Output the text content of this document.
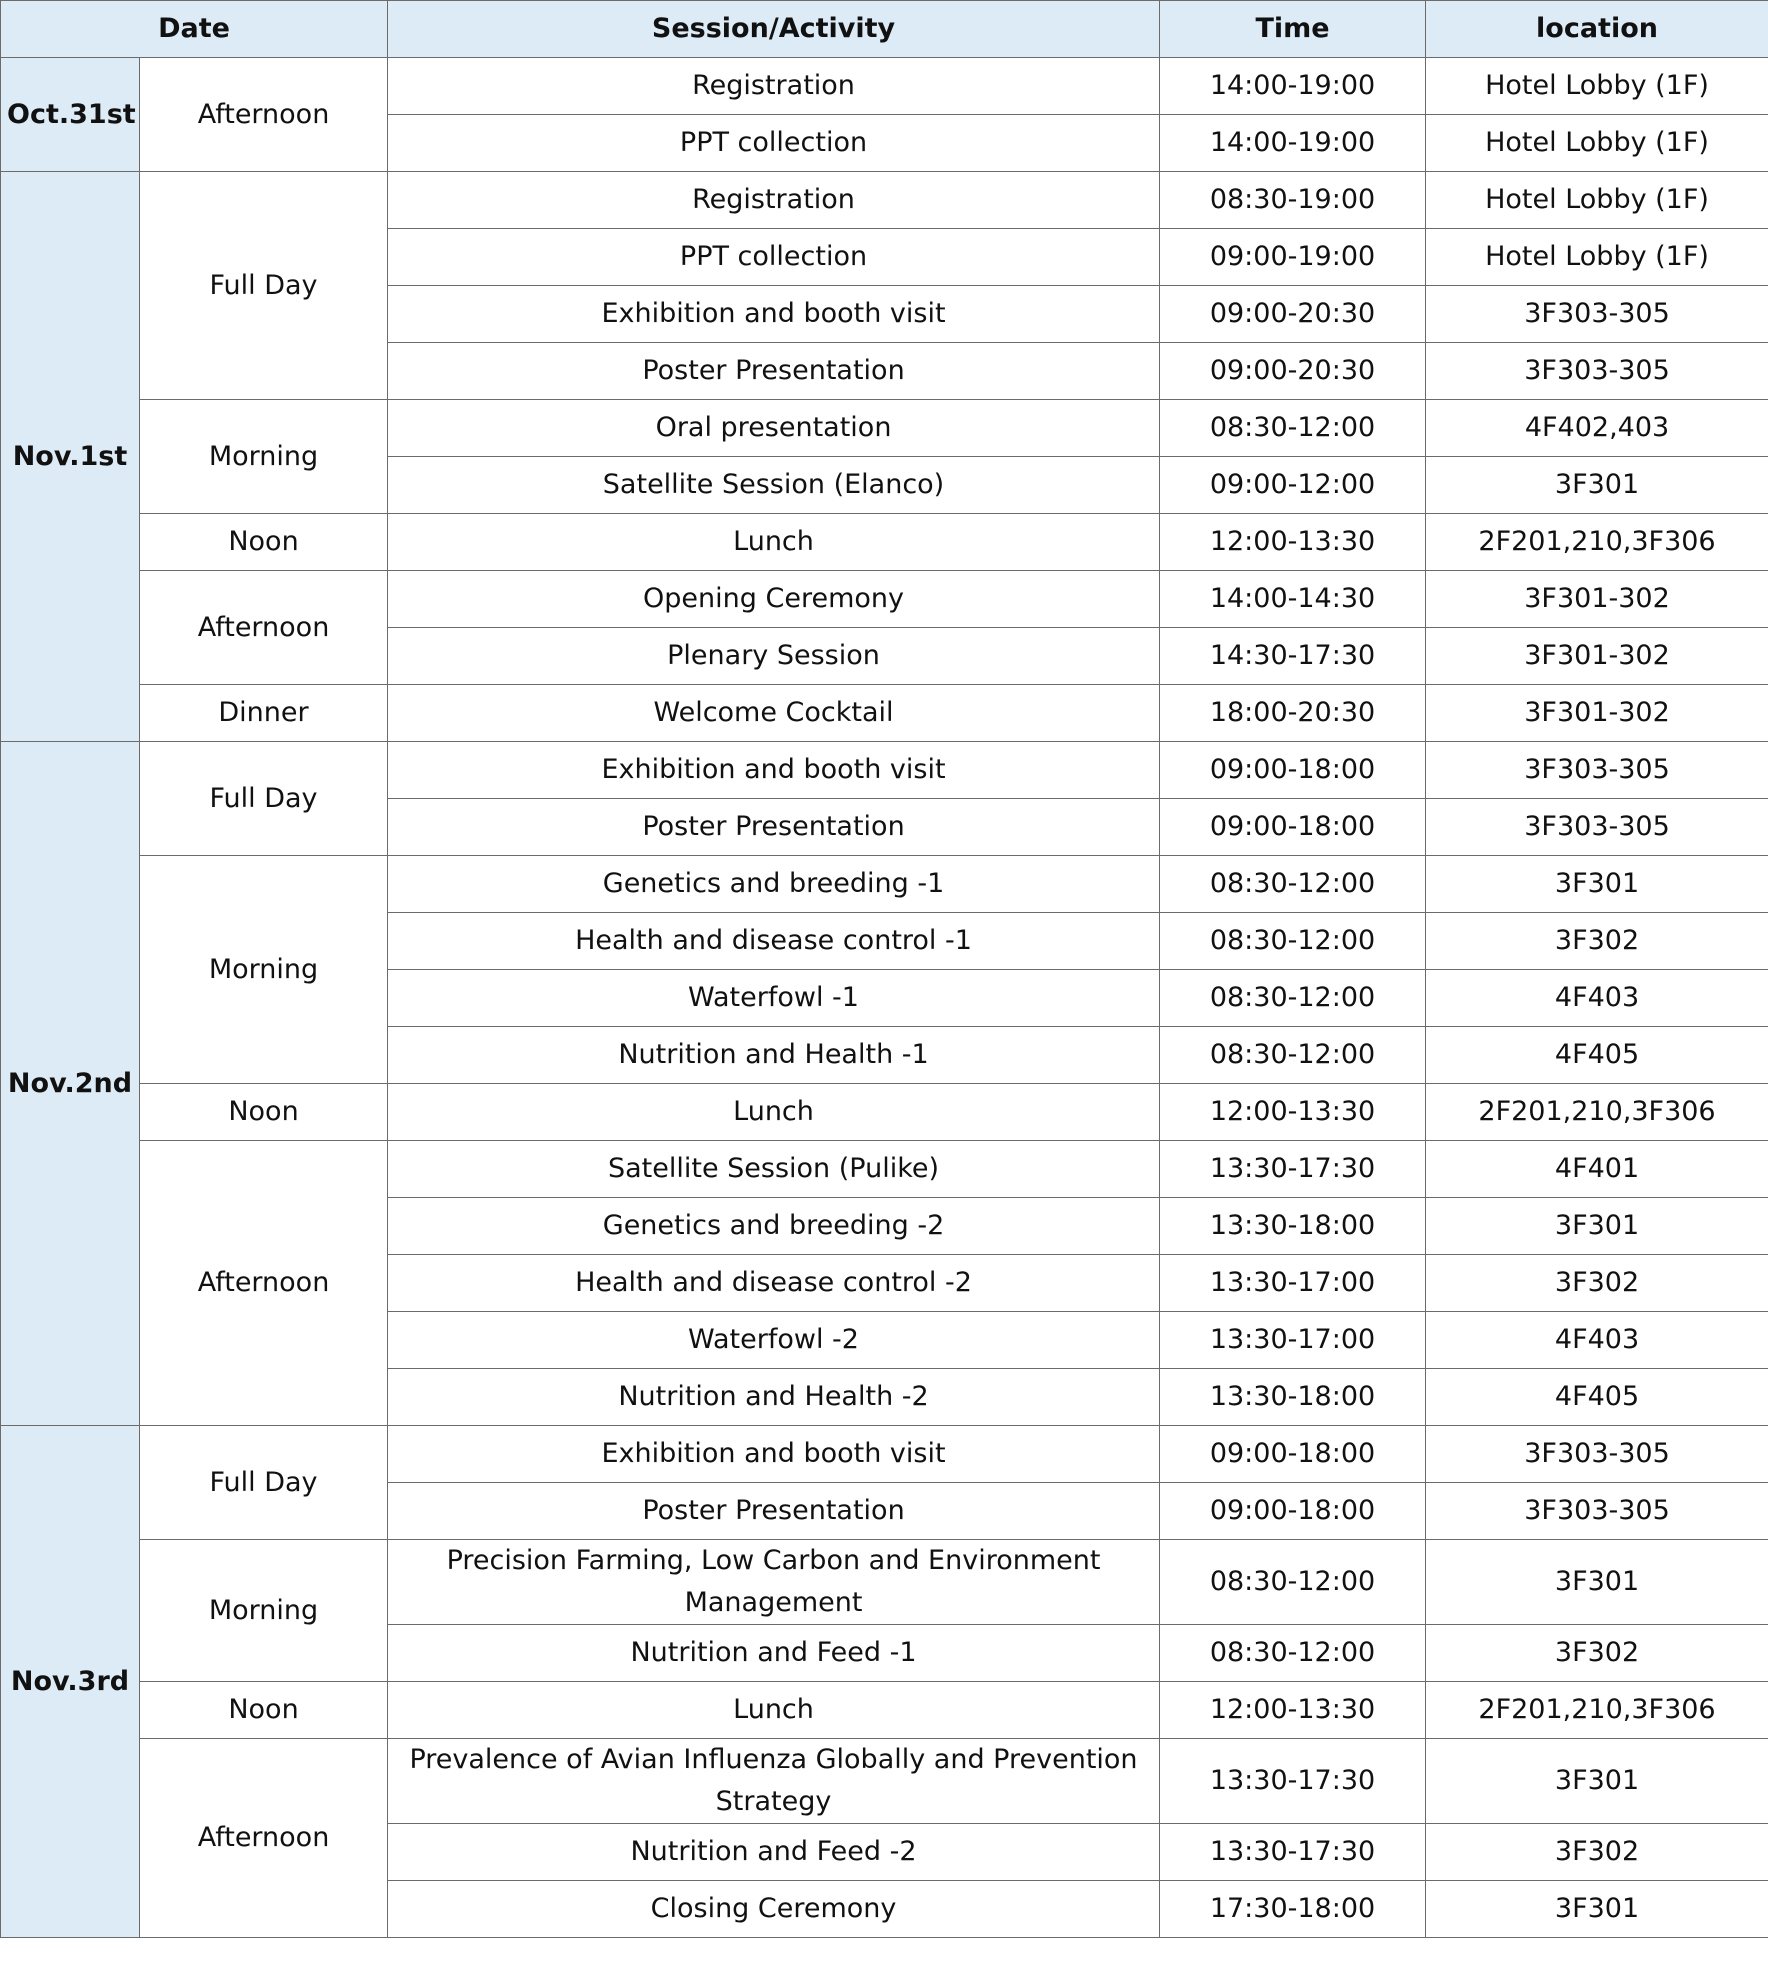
Date		Session/Activity	Time	location
Oct.31st	Afternoon	Registration	14:00-19:00	Hotel Lobby (1F)
		PPT collection	14:00-19:00	Hotel Lobby (1F)
Nov.1st	Full Day	Registration	08:30-19:00	Hotel Lobby (1F)
		PPT collection	09:00-19:00	Hotel Lobby (1F)
		Exhibition and booth visit	09:00-20:30	3F303-305
		Poster Presentation	09:00-20:30	3F303-305
	Morning	Oral presentation	08:30-12:00	4F402,403
		Satellite Session (Elanco)	09:00-12:00	3F301
	Noon	Lunch	12:00-13:30	2F201,210,3F306
	Afternoon	Opening Ceremony	14:00-14:30	3F301-302
		Plenary Session	14:30-17:30	3F301-302
	Dinner	Welcome Cocktail	18:00-20:30	3F301-302
Nov.2nd	Full Day	Exhibition and booth visit	09:00-18:00	3F303-305
		Poster Presentation	09:00-18:00	3F303-305
	Morning	Genetics and breeding -1	08:30-12:00	3F301
		Health and disease control -1	08:30-12:00	3F302
		Waterfowl -1	08:30-12:00	4F403
		Nutrition and Health -1	08:30-12:00	4F405
	Noon	Lunch	12:00-13:30	2F201,210,3F306
	Afternoon	Satellite Session (Pulike)	13:30-17:30	4F401
		Genetics and breeding -2	13:30-18:00	3F301
		Health and disease control -2	13:30-17:00	3F302
		Waterfowl -2	13:30-17:00	4F403
		Nutrition and Health -2	13:30-18:00	4F405
Nov.3rd	Full Day	Exhibition and booth visit	09:00-18:00	3F303-305
		Poster Presentation	09:00-18:00	3F303-305
	Morning	Precision Farming, Low Carbon and Environment Management	08:30-12:00	3F301
		Nutrition and Feed -1	08:30-12:00	3F302
	Noon	Lunch	12:00-13:30	2F201,210,3F306
	Afternoon	Prevalence of Avian Influenza Globally and Prevention Strategy	13:30-17:30	3F301
		Nutrition and Feed -2	13:30-17:30	3F302
		Closing Ceremony	17:30-18:00	3F301
